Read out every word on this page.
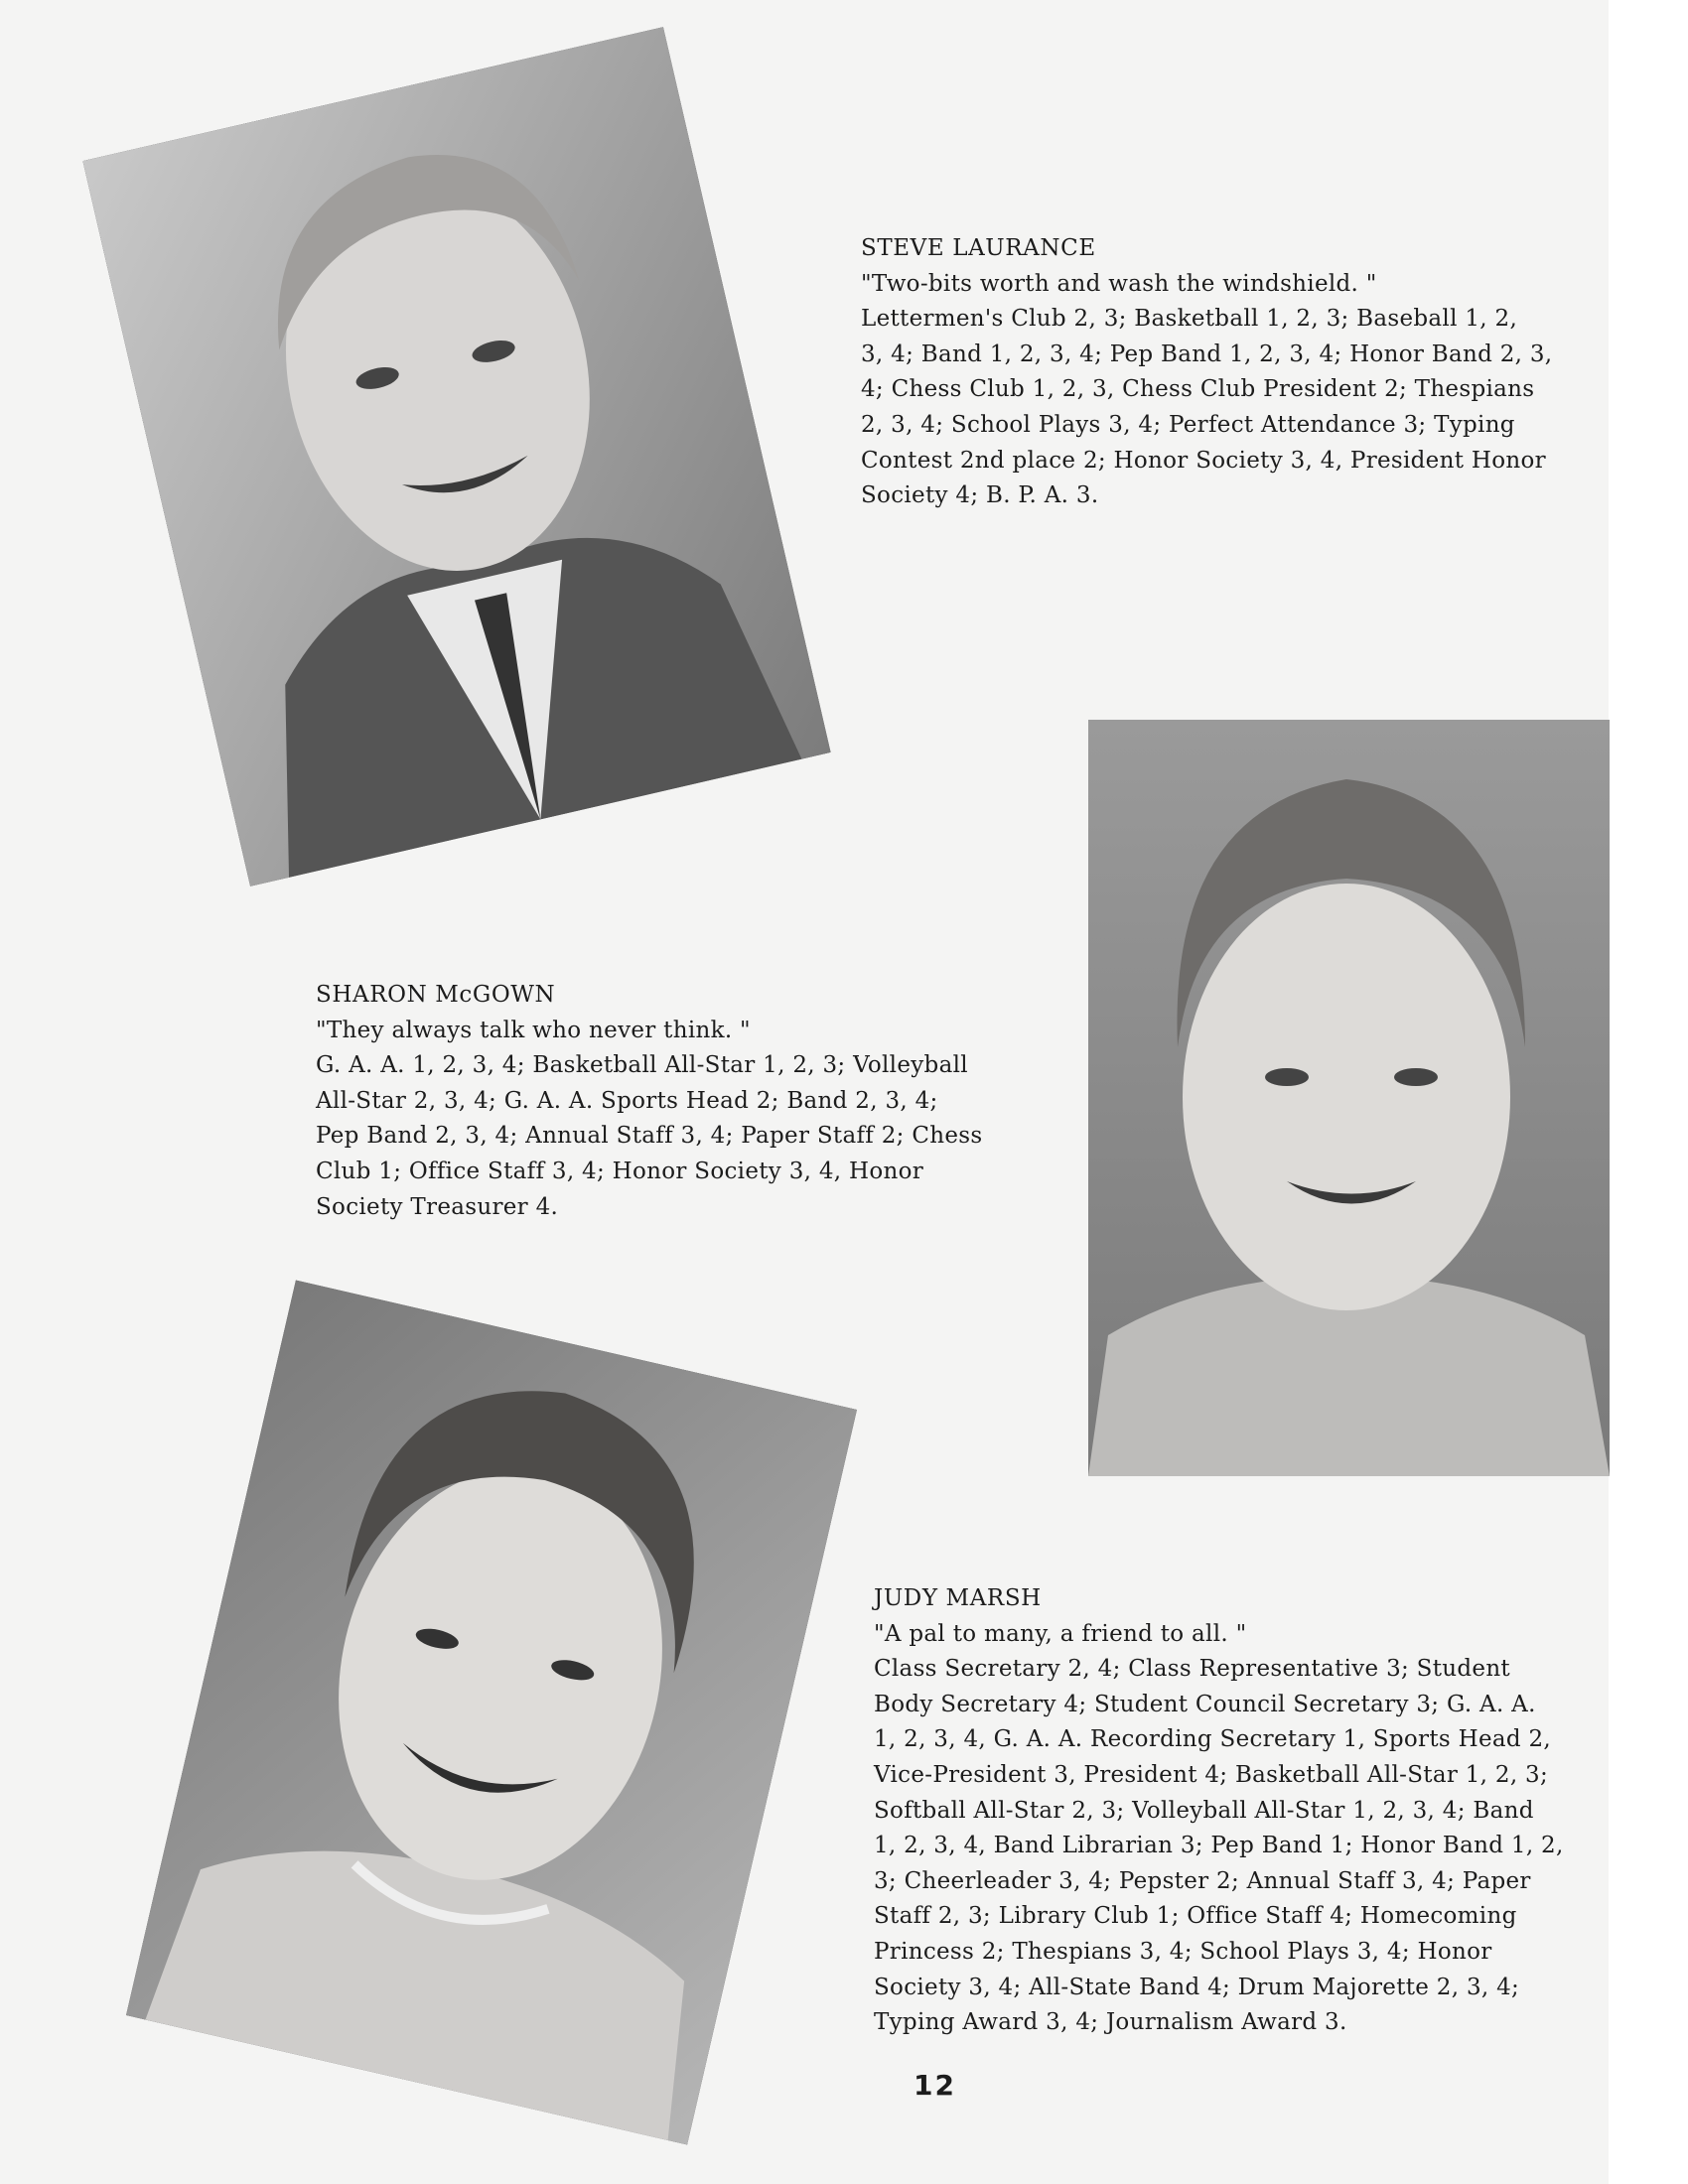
STEVE LAURANCE
"Two-bits worth and wash the windshield. "
Lettermen's Club 2, 3; Basketball 1, 2, 3; Baseball 1, 2,
3, 4; Band 1, 2, 3, 4; Pep Band 1, 2, 3, 4; Honor Band 2, 3,
4; Chess Club 1, 2, 3, Chess Club President 2; Thespians
2, 3, 4; School Plays 3, 4; Perfect Attendance 3; Typing
Contest 2nd place 2; Honor Society 3, 4, President Honor
Society 4; B. P. A. 3.
SHARON McGOWN
"They always talk who never think. "
G. A. A. 1, 2, 3, 4; Basketball All-Star 1, 2, 3; Volleyball
All-Star 2, 3, 4; G. A. A. Sports Head 2; Band 2, 3, 4;
Pep Band 2, 3, 4; Annual Staff 3, 4; Paper Staff 2; Chess
Club 1; Office Staff 3, 4; Honor Society 3, 4, Honor
Society Treasurer 4.
JUDY MARSH
"A pal to many, a friend to all. "
Class Secretary 2, 4; Class Representative 3; Student
Body Secretary 4; Student Council Secretary 3; G. A. A.
1, 2, 3, 4, G. A. A. Recording Secretary 1, Sports Head 2,
Vice-President 3, President 4; Basketball All-Star 1, 2, 3;
Softball All-Star 2, 3; Volleyball All-Star 1, 2, 3, 4; Band
1, 2, 3, 4, Band Librarian 3; Pep Band 1; Honor Band 1, 2,
3; Cheerleader 3, 4; Pepster 2; Annual Staff 3, 4; Paper
Staff 2, 3; Library Club 1; Office Staff 4; Homecoming
Princess 2; Thespians 3, 4; School Plays 3, 4; Honor
Society 3, 4; All-State Band 4; Drum Majorette 2, 3, 4;
Typing Award 3, 4; Journalism Award 3.
12
